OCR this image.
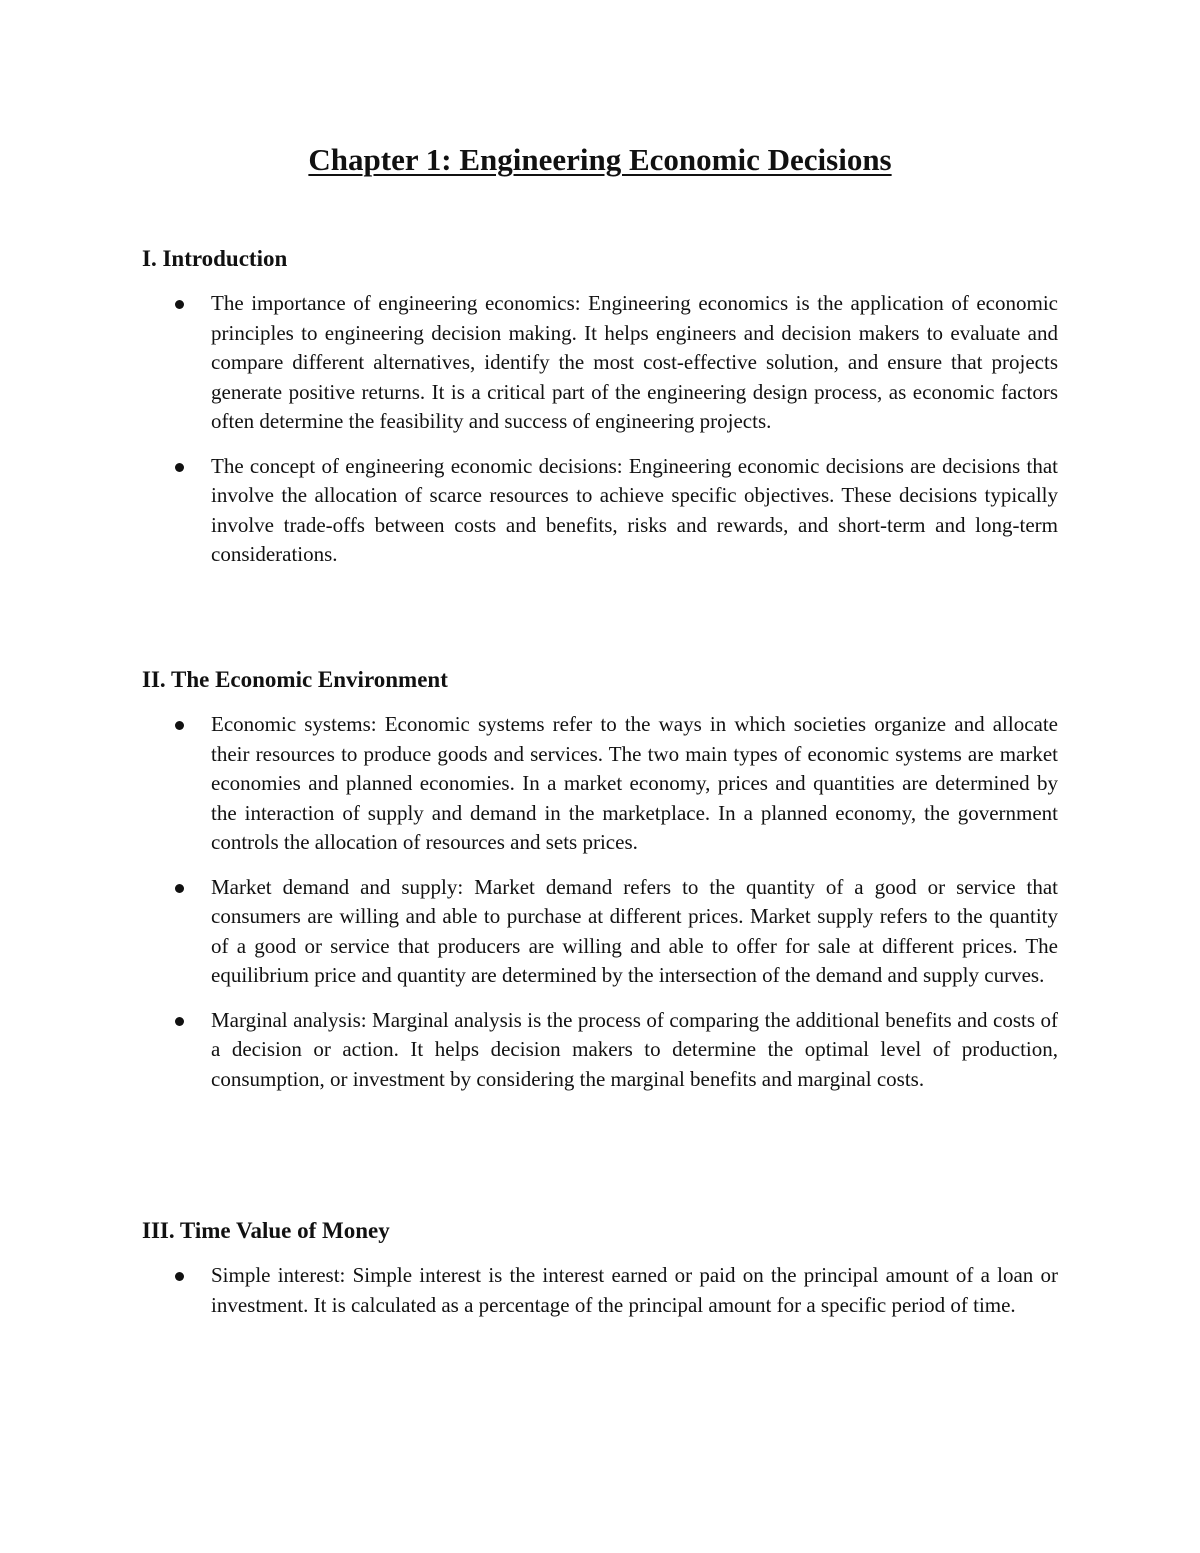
Chapter 1: Engineering Economic Decisions
I. Introduction
The importance of engineering economics: Engineering economics is the application of economic principles to engineering decision making. It helps engineers and decision makers to evaluate and compare different alternatives, identify the most cost-effective solution, and ensure that projects generate positive returns. It is a critical part of the engineering design process, as economic factors often determine the feasibility and success of engineering projects.
The concept of engineering economic decisions: Engineering economic decisions are decisions that involve the allocation of scarce resources to achieve specific objectives. These decisions typically involve trade-offs between costs and benefits, risks and rewards, and short-term and long-term considerations.
II. The Economic Environment
Economic systems: Economic systems refer to the ways in which societies organize and allocate their resources to produce goods and services. The two main types of economic systems are market economies and planned economies. In a market economy, prices and quantities are determined by the interaction of supply and demand in the marketplace. In a planned economy, the government controls the allocation of resources and sets prices.
Market demand and supply: Market demand refers to the quantity of a good or service that consumers are willing and able to purchase at different prices. Market supply refers to the quantity of a good or service that producers are willing and able to offer for sale at different prices. The equilibrium price and quantity are determined by the intersection of the demand and supply curves.
Marginal analysis: Marginal analysis is the process of comparing the additional benefits and costs of a decision or action. It helps decision makers to determine the optimal level of production, consumption, or investment by considering the marginal benefits and marginal costs.
III. Time Value of Money
Simple interest: Simple interest is the interest earned or paid on the principal amount of a loan or investment. It is calculated as a percentage of the principal amount for a specific period of time.
